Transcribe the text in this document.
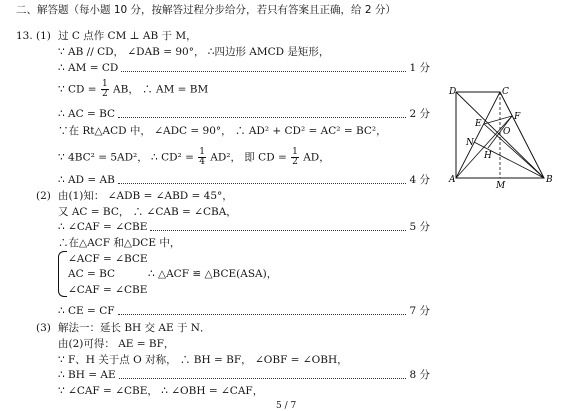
二、解答题（每小题 10 分，按解答过程分步给分，若只有答案且正确，给 2 分）
13. (1) 过 C 点作 CM ⊥ AB 于 M，
∵ AB // CD， ∠DAB = 90°， ∴四边形 AMCD 是矩形，
∴ AM = CD	1 分
∵ CD = $\frac{1}{2}$ AB， ∴ AM = BM
∴ AC = BC	2 分
∵在 Rt△ACD 中， ∠ADC = 90°， ∴ AD² + CD² = AC² = BC²，
∵ 4BC² = 5AD²， ∴ $CD^2 = \frac{1}{4} AD^2$， 即 CD = $\frac{1}{2}$ AD，
∴ AD = AB	4 分
(2) 由(1)知： ∠ADB = ∠ABD = 45°，
又 AC = BC， ∴ ∠CAB = ∠CBA，
∴ ∠CAF = ∠CBE	5 分
∴在△ACF 和△DCE 中，
∠ACF = ∠BCE
AC = BC	∴ △ACF ≌ △BCE(ASA)，
∠CAF = ∠CBE
∴ CE = CF	7 分
(3) 解法一：延长 BH 交 AE 于 N．
由(2)可得： AE = BF，
∵ F、H 关于点 O 对称， ∴ BH = BF， ∠OBF = ∠OBH，
∴ BH = AE	8 分
∵ ∠CAF = ∠CBE， ∴ ∠OBH = ∠CAF，
5 / 7
D	C
E
F
O
N
H
A
M
B
